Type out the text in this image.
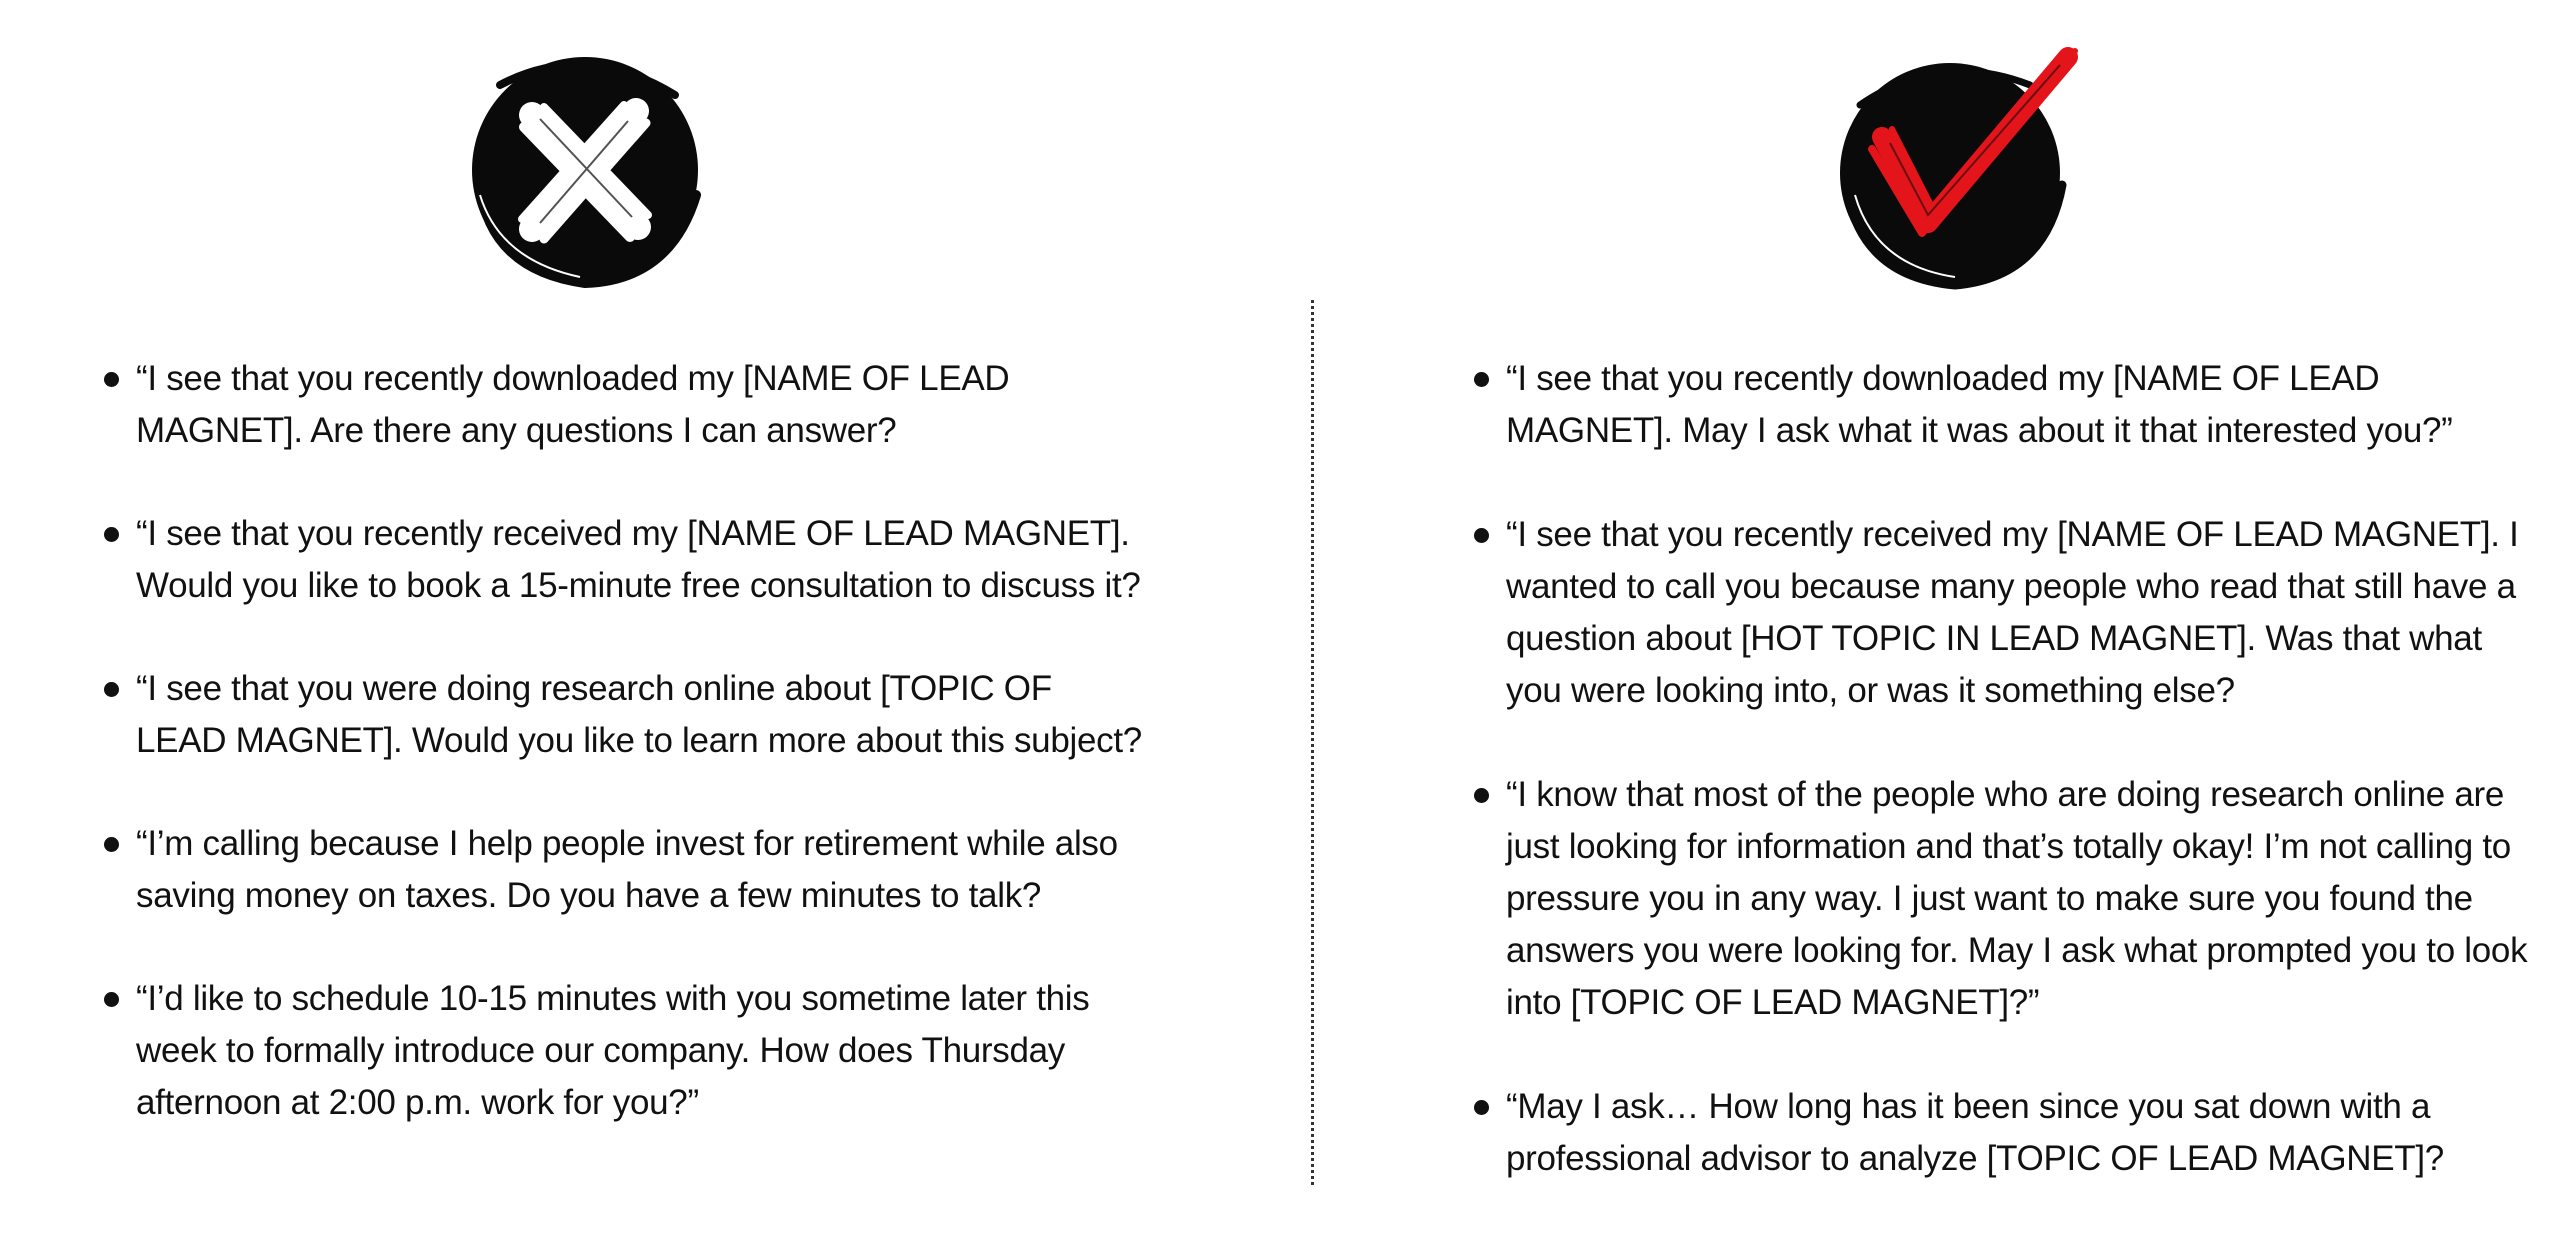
“I see that you recently downloaded my [NAME OF LEAD MAGNET]. Are there any questions I can answer?
“I see that you recently received my [NAME OF LEAD MAGNET]. Would you like to book a 15-minute free consultation to discuss it?
“I see that you were doing research online about [TOPIC OF LEAD MAGNET]. Would you like to learn more about this subject?
“I’m calling because I help people invest for retirement while also saving money on taxes. Do you have a few minutes to talk?
“I’d like to schedule 10-15 minutes with you sometime later this week to formally introduce our company. How does Thursday afternoon at 2:00 p.m. work for you?”
“I see that you recently downloaded my [NAME OF LEAD MAGNET]. May I ask what it was about it that interested you?”
“I see that you recently received my [NAME OF LEAD MAGNET]. I wanted to call you because many people who read that still have a question about [HOT TOPIC IN LEAD MAGNET]. Was that what you were looking into, or was it something else?
“I know that most of the people who are doing research online are just looking for information and that’s totally okay! I’m not calling to pressure you in any way. I just want to make sure you found the answers you were looking for. May I ask what prompted you to look into [TOPIC OF LEAD MAGNET]?”
“May I ask… How long has it been since you sat down with a professional advisor to analyze [TOPIC OF LEAD MAGNET]?
